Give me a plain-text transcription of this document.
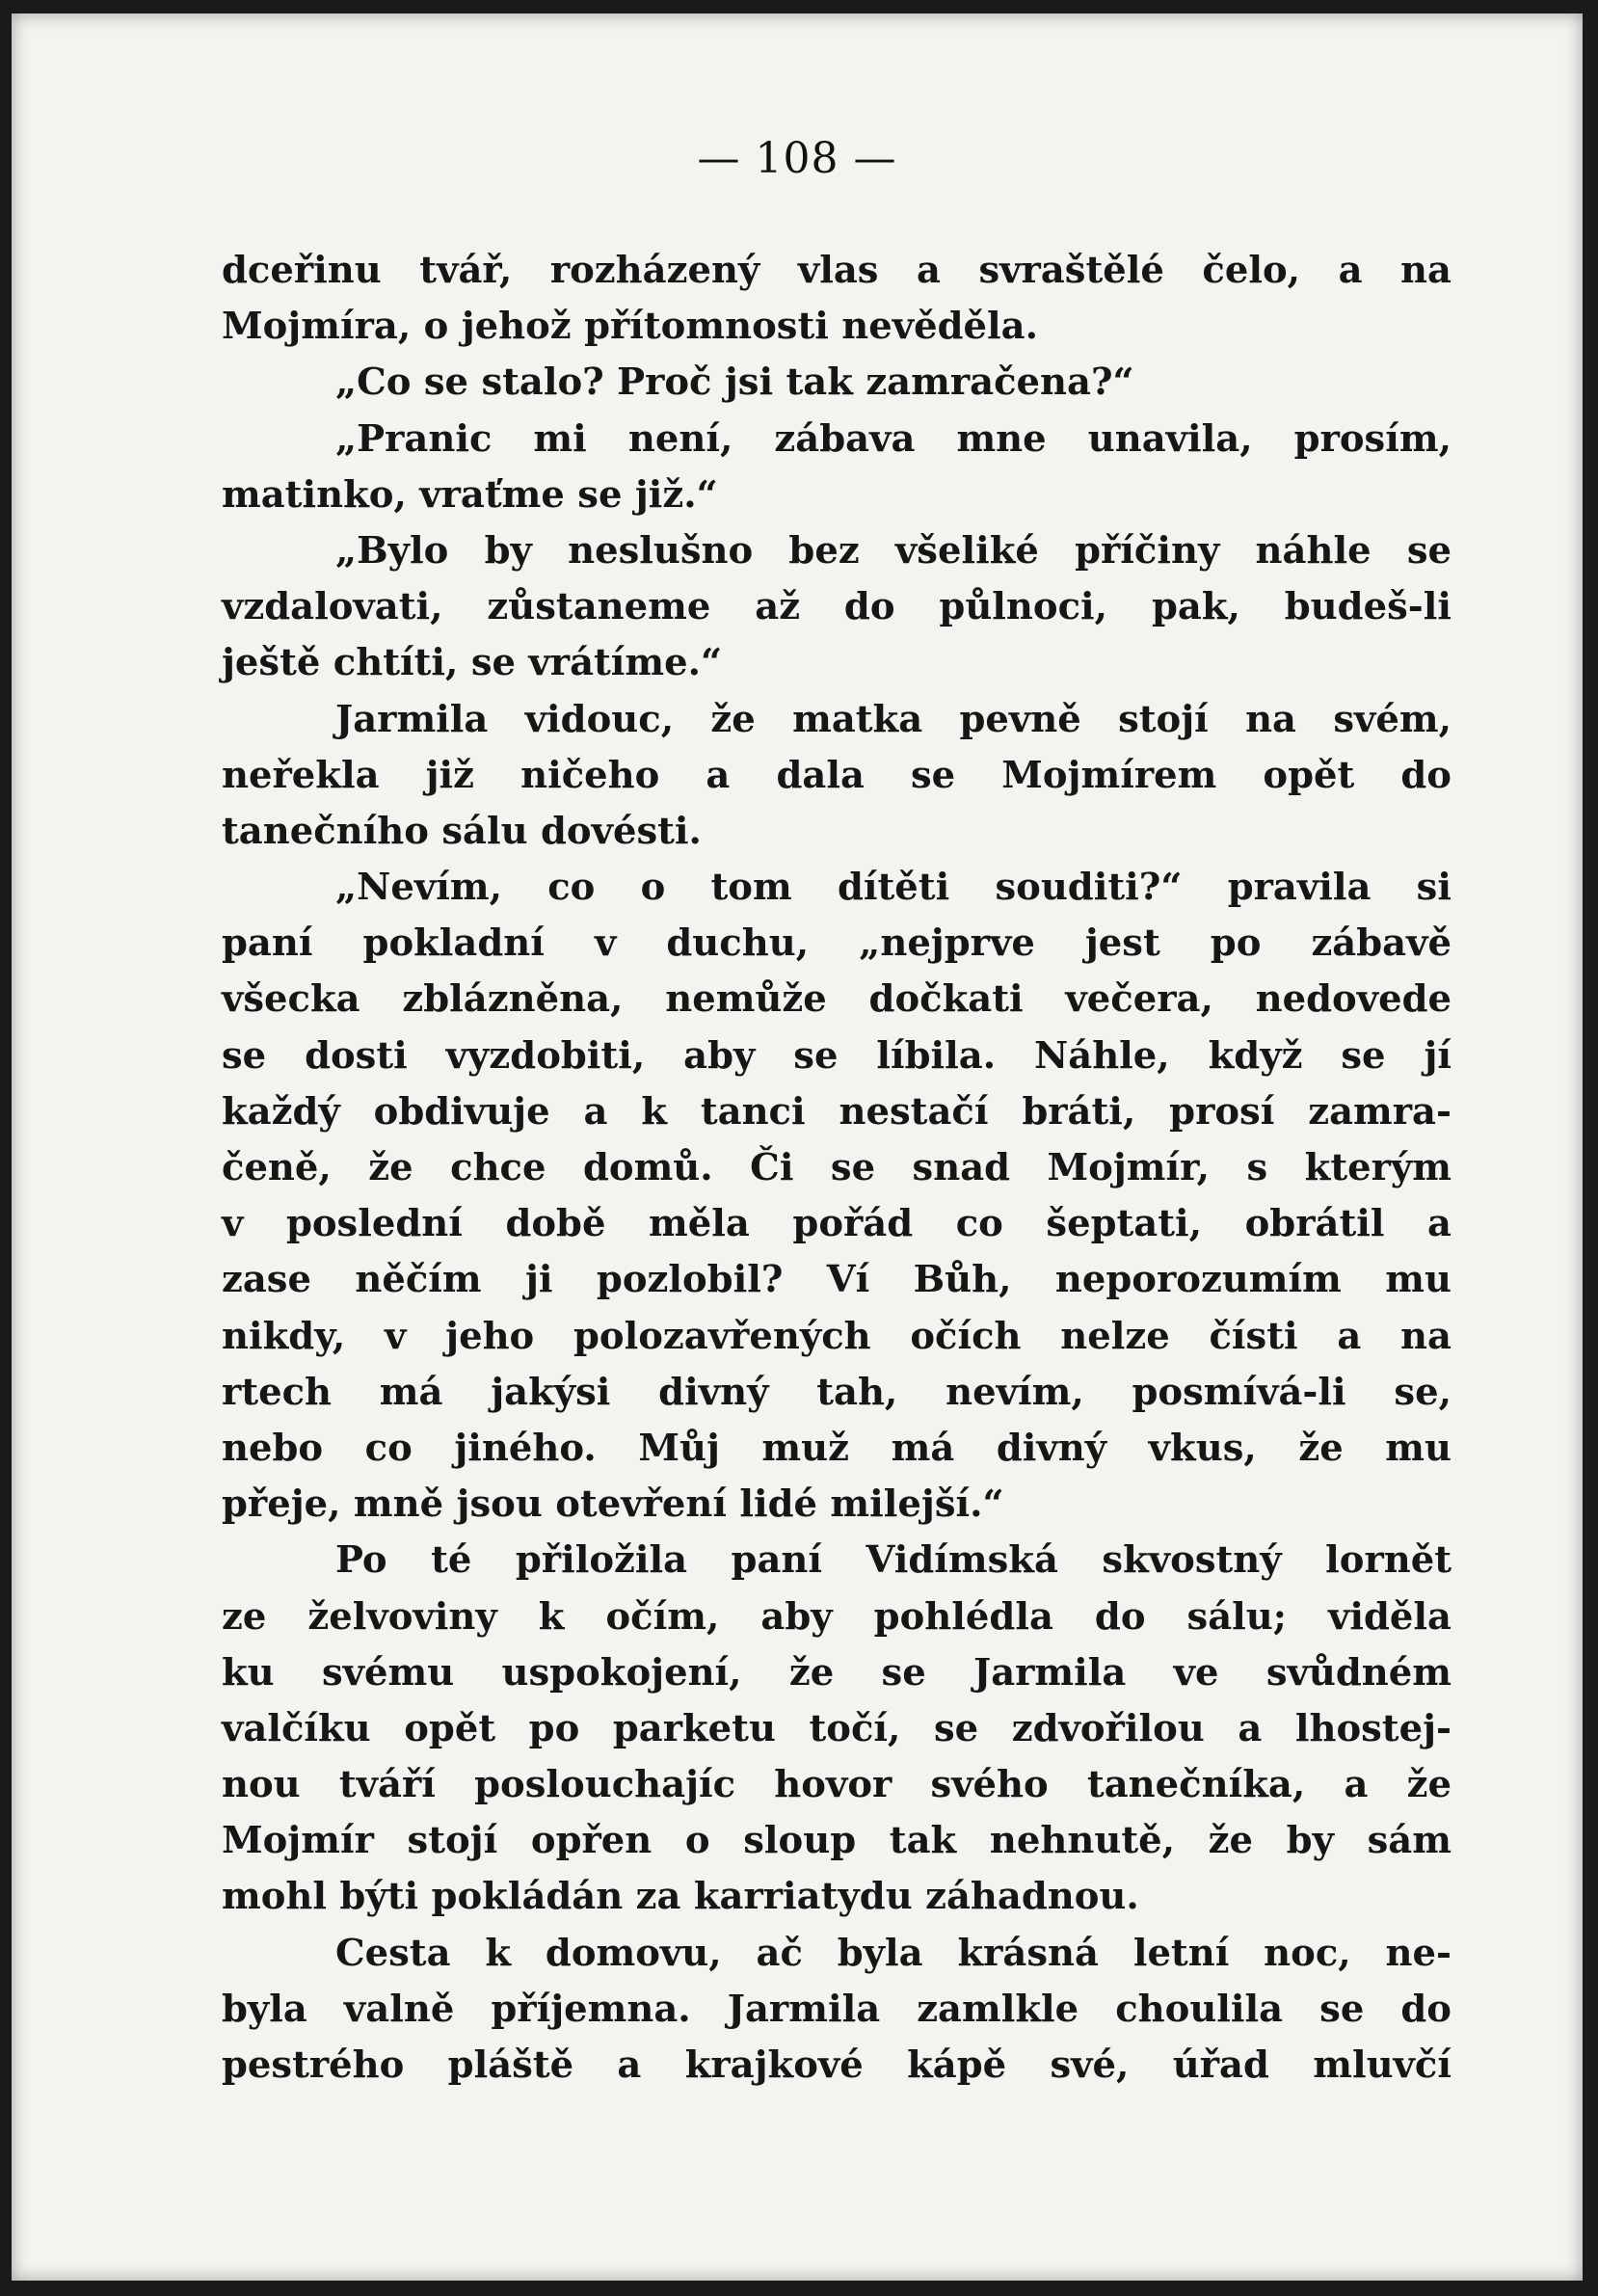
— 108 —
dceřinu tvář, rozházený vlas a svraštělé čelo, a na
Mojmíra, o jehož přítomnosti nevěděla.
„Co se stalo? Proč jsi tak zamračena?“
„Pranic mi není, zábava mne unavila, prosím,
matinko, vraťme se již.“
„Bylo by neslušno bez všeliké příčiny náhle se
vzdalovati, zůstaneme až do půlnoci, pak, budeš-li
ještě chtíti, se vrátíme.“
Jarmila vidouc, že matka pevně stojí na svém,
neřekla již ničeho a dala se Mojmírem opět do
tanečního sálu dovésti.
„Nevím, co o tom dítěti souditi?“ pravila si
paní pokladní v duchu, „nejprve jest po zábavě
všecka zblázněna, nemůže dočkati večera, nedovede
se dosti vyzdobiti, aby se líbila. Náhle, když se jí
každý obdivuje a k tanci nestačí bráti, prosí zamra-
čeně, že chce domů. Či se snad Mojmír, s kterým
v poslední době měla pořád co šeptati, obrátil a
zase něčím ji pozlobil? Ví Bůh, neporozumím mu
nikdy, v jeho polozavřených očích nelze čísti a na
rtech má jakýsi divný tah, nevím, posmívá-li se,
nebo co jiného. Můj muž má divný vkus, že mu
přeje, mně jsou otevření lidé milejší.“
Po té přiložila paní Vidímská skvostný lornět
ze želvoviny k očím, aby pohlédla do sálu; viděla
ku svému uspokojení, že se Jarmila ve svůdném
valčíku opět po parketu točí, se zdvořilou a lhostej-
nou tváří poslouchajíc hovor svého tanečníka, a že
Mojmír stojí opřen o sloup tak nehnutě, že by sám
mohl býti pokládán za karriatydu záhadnou.
Cesta k domovu, ač byla krásná letní noc, ne-
byla valně příjemna. Jarmila zamlkle choulila se do
pestrého pláště a krajkové kápě své, úřad mluvčí
